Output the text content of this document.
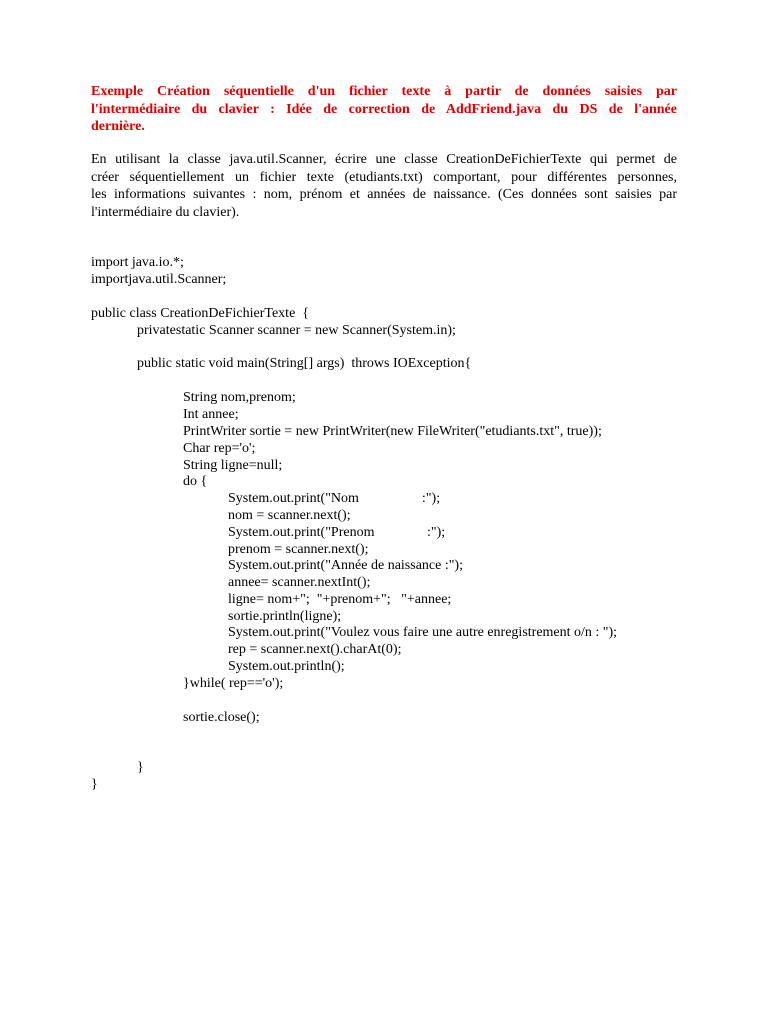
Exemple Création séquentielle d'un fichier texte à partir de données saisies par
l'intermédiaire du clavier : Idée de correction de AddFriend.java du DS de l'année
dernière.
En utilisant la classe java.util.Scanner, écrire une classe CreationDeFichierTexte qui permet de
créer séquentiellement un fichier texte (etudiants.txt) comportant, pour différentes personnes,
les informations suivantes : nom, prénom et années de naissance. (Ces données sont saisies par
l'intermédiaire du clavier).
import java.io.*;
importjava.util.Scanner;
public class CreationDeFichierTexte  {
privatestatic Scanner scanner = new Scanner(System.in);
public static void main(String[] args)  throws IOException{
String nom,prenom;
Int annee;
PrintWriter sortie = new PrintWriter(new FileWriter("etudiants.txt", true));
Char rep='o';
String ligne=null;
do {
System.out.print("Nom                  :");
nom = scanner.next();
System.out.print("Prenom               :");
prenom = scanner.next();
System.out.print("Année de naissance :");
annee= scanner.nextInt();
ligne= nom+";  "+prenom+";   "+annee;
sortie.println(ligne);
System.out.print("Voulez vous faire une autre enregistrement o/n : ");
rep = scanner.next().charAt(0);
System.out.println();
}while( rep=='o');
sortie.close();
}
}
